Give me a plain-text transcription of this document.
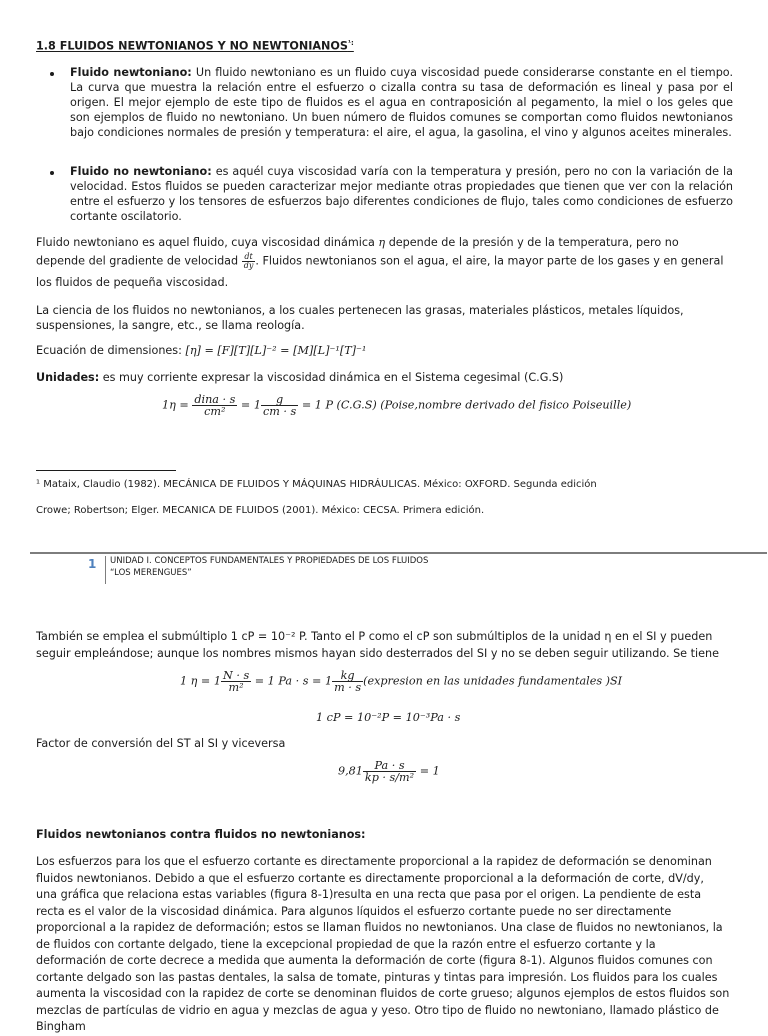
1.8 FLUIDOS NEWTONIANOS Y NO $NEWTONIANOS^{^1:}$

Fluido newtoniano: Un fluido newtoniano es un fluido cuya viscosidad puede considerarse constante en el tiempo. La curva que muestra la relación entre el esfuerzo o cizalla contra su tasa de deformación es lineal y pasa por el origen. El mejor ejemplo de este tipo de fluidos es el agua en contraposición al pegamento, la miel o los geles que son ejemplos de fluido no newtoniano. Un buen número de fluidos comunes se comportan como fluidos newtonianos bajo condiciones normales de presión y temperatura: el aire, el agua, la gasolina, el vino y algunos aceites minerales.

Fluido no newtoniano: es aquél cuya viscosidad varía con la temperatura y presión, pero no con la variación de la velocidad. Estos fluidos se pueden caracterizar mejor mediante otras propiedades que tienen que ver con la relación entre el esfuerzo y los tensores de esfuerzos bajo diferentes condiciones de flujo, tales como condiciones de esfuerzo cortante oscilatorio.

Fluido newtoniano es aquel fluido, cuya viscosidad dinámica η depende de la presión y de la temperatura, pero no

depende del gradiente de velocidad $\frac{dt}{dy}$ . Fluidos newtonianos son el agua, el aire, la mayor parte de los gases y en general

los fluidos de pequeña viscosidad.

La ciencia de los fluidos no newtonianos, a los cuales pertenecen las grasas, materiales plásticos, metales líquidos, suspensiones, la sangre, etc., se llama reología.

Ecuación de dimensiones: [η] = [F][T][L]⁻² = [M][L]⁻¹[T]⁻¹

Unidades: es muy corriente expresar la viscosidad dinámica en el Sistema cegesimal (C.G.S)

$1\eta = \frac{\text{dina · s}}{\text{cm²}} = 1 \frac{g}{cm \cdot s} = 1$ P (C.G.S) (Poise,nombre derivado del fisico Poiseuille)

¹ Mataix, Claudio (1982). MECÁNICA DE FLUIDOS Y MÁQUINAS HIDRÁULICAS. México: OXFORD. Segunda edición

Crowe; Robertson; Elger. MECANICA DE FLUIDOS (2001). México: CECSA. Primera edición.

1 UNIDAD I. CONCEPTOS FUNDAMENTALES Y PROPIEDADES DE LOS FLUIDOS
“LOS MERENGUES”

También se emplea el submúltiplo 1 cP = 10⁻² P. Tanto el P como el cP son submúltiplos de la unidad η en el SI y pueden

seguir empleándose; aunque los nombres mismos hayan sido desterrados del SI y no se deben seguir utilizando. Se tiene

1 $\eta = 1 \frac{N \cdot s}{\text{m²}} = 1$ $Pa \cdot s = 1 \frac{kg}{m \cdot s}$ (expresion en las unidades fundamentales )SI
1 cP = 10⁻²P = 10⁻³Pa · s

Factor de conversión del ST al SI y viceversa

$9,81 \frac{Pa \cdot s}{\text{kp · s/m²}} = 1$

Fluidos newtonianos contra fluidos no newtonianos:

Los esfuerzos para los que el esfuerzo cortante es directamente proporcional a la rapidez de deformación se denominan
fluidos newtonianos. Debido a que el esfuerzo cortante es directamente proporcional a la deformación de corte, dV/dy,
una gráfica que relaciona estas variables (figura 8-1)resulta en una recta que pasa por el origen. La pendiente de esta
recta es el valor de la viscosidad dinámica. Para algunos líquidos el esfuerzo cortante puede no ser directamente
proporcional a la rapidez de deformación; estos se llaman fluidos no newtonianos. Una clase de fluidos no newtonianos, la
de fluidos con cortante delgado, tiene la excepcional propiedad de que la razón entre el esfuerzo cortante y la
deformación de corte decrece a medida que aumenta la deformación de corte (figura 8-1). Algunos fluidos comunes con
cortante delgado son las pastas dentales, la salsa de tomate, pinturas y tintas para impresión. Los fluidos para los cuales
aumenta la viscosidad con la rapidez de corte se denominan fluidos de corte grueso; algunos ejemplos de estos fluidos son
mezclas de partículas de vidrio en agua y mezclas de agua y yeso. Otro tipo de fluido no newtoniano, llamado plástico de
Bingham
